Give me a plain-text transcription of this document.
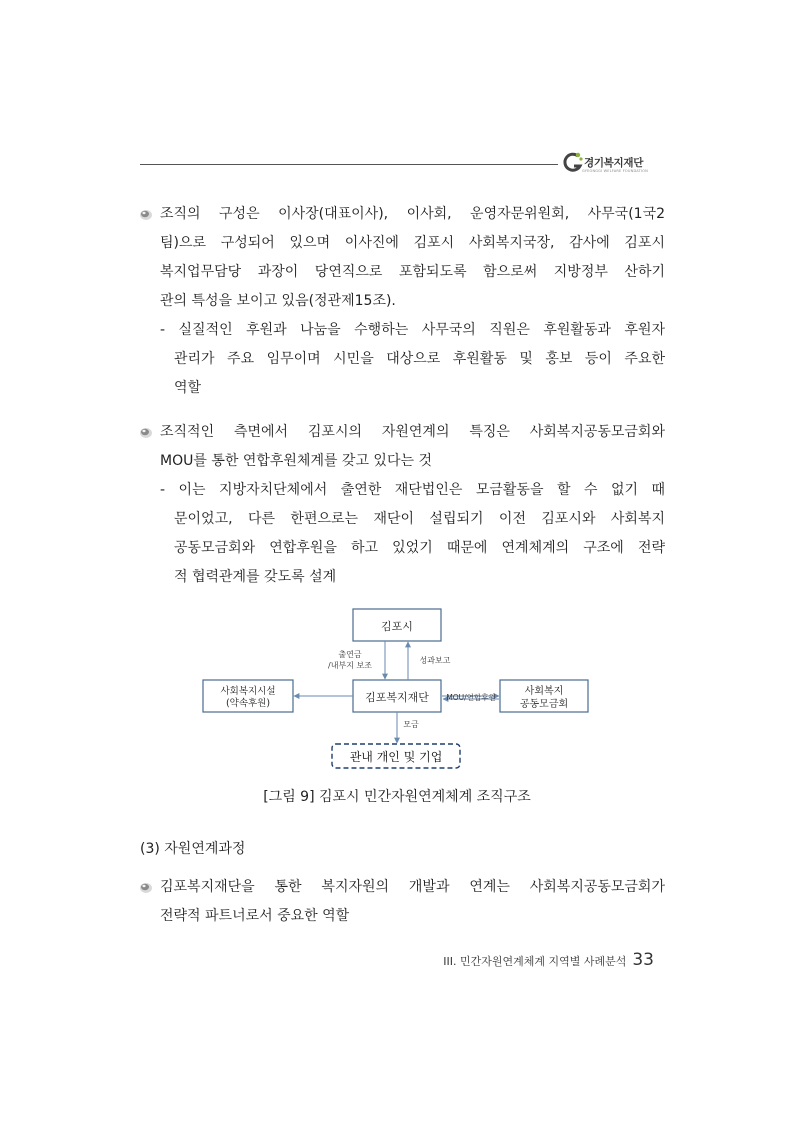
경기복지재단
GYEONGGI WELFARE FOUNDATION
조직의 구성은 이사장(대표이사), 이사회, 운영자문위원회, 사무국(1국2
팀)으로 구성되어 있으며 이사진에 김포시 사회복지국장, 감사에 김포시
복지업무담당 과장이 당연직으로 포함되도록 함으로써 지방정부 산하기
관의 특성을 보이고 있음(정관제15조).
- 실질적인 후원과 나눔을 수행하는 사무국의 직원은 후원활동과 후원자
관리가 주요 임무이며 시민을 대상으로 후원활동 및 홍보 등이 주요한
역할
조직적인 측면에서 김포시의 자원연계의 특징은 사회복지공동모금회와
MOU를 통한 연합후원체계를 갖고 있다는 것
- 이는 지방자치단체에서 출연한 재단법인은 모금활동을 할 수 없기 때
문이었고, 다른 한편으로는 재단이 설립되기 이전 김포시와 사회복지
공동모금회와 연합후원을 하고 있었기 때문에 연계체계의 구조에 전략
적 협력관계를 갖도록 설계
김포시
김포복지재단
사회복지시설
(약속후원)
사회복지
공동모금회
관내 개인 및 기업
출연금
/내부지 보조
성과보고
MOU/연합후원
모금
[그림 9] 김포시 민간자원연계체계 조직구조
(3) 자원연계과정
김포복지재단을 통한 복지자원의 개발과 연계는 사회복지공동모금회가
전략적 파트너로서 중요한 역할
III. 민간자원연계체계 지역별 사례분석 33
